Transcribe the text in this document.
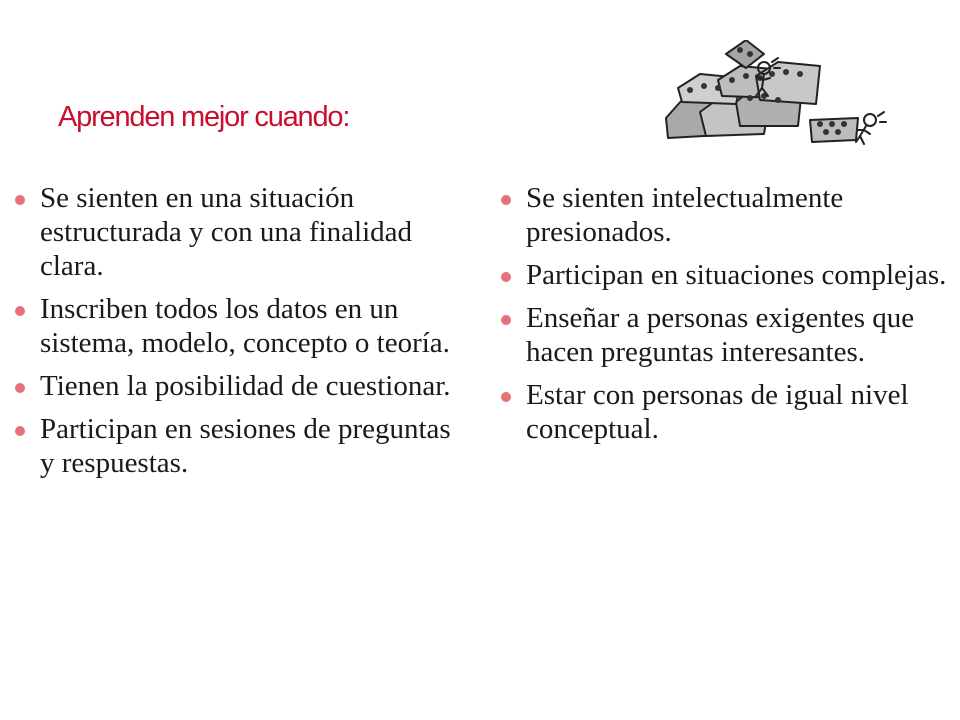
Aprenden mejor cuando:
Se sienten en una situación estructurada y con una finalidad clara.
Inscriben todos los datos en un sistema, modelo, concepto o teoría.
Tienen la posibilidad de cuestionar.
Participan en sesiones de preguntas y respuestas.
Se sienten intelectualmente presionados.
Participan en situaciones complejas.
Enseñar a personas exigentes que hacen preguntas interesantes.
Estar con personas de igual nivel conceptual.
